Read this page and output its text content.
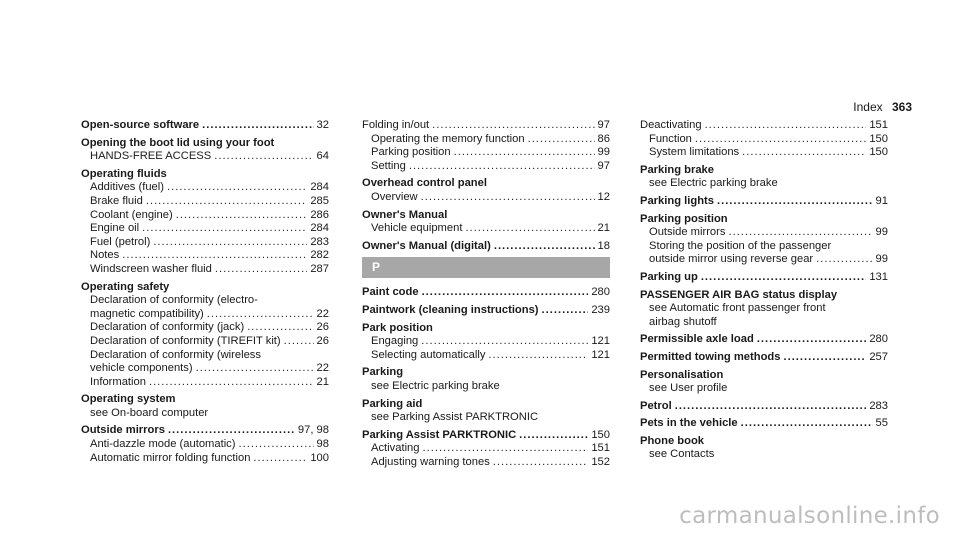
Index 363
Open-source software .....	32
Opening the boot lid using your foot
HANDS-FREE ACCESS .....	64
Operating fluids
Additives (fuel) .....	284
Brake fluid .....	285
Coolant (engine) .....	286
Engine oil .....	284
Fuel (petrol) .....	283
Notes .....	282
Windscreen washer fluid .....	287
Operating safety
Declaration of conformity (electro-
magnetic compatibility) .....	22
Declaration of conformity (jack) .....	26
Declaration of conformity (TIREFIT kit) .....	26
Declaration of conformity (wireless
vehicle components) .....	22
Information .....	21
Operating system
see On-board computer
Outside mirrors .....	97, 98
Anti-dazzle mode (automatic) .....	98
Automatic mirror folding function .....	100
Folding in/out .....	97
Operating the memory function .....	86
Parking position .....	99
Setting .....	97
Overhead control panel
Overview .....	12
Owner's Manual
Vehicle equipment .....	21
Owner's Manual (digital) .....	18
P
Paint code .....	280
Paintwork (cleaning instructions) .....	239
Park position
Engaging .....	121
Selecting automatically .....	121
Parking
see Electric parking brake
Parking aid
see Parking Assist PARKTRONIC
Parking Assist PARKTRONIC .....	150
Activating .....	151
Adjusting warning tones .....	152
Deactivating .....	151
Function .....	150
System limitations .....	150
Parking brake
see Electric parking brake
Parking lights .....	91
Parking position
Outside mirrors .....	99
Storing the position of the passenger
outside mirror using reverse gear .....	99
Parking up .....	131
PASSENGER AIR BAG status display
see Automatic front passenger front
airbag shutoff
Permissible axle load .....	280
Permitted towing methods .....	257
Personalisation
see User profile
Petrol .....	283
Pets in the vehicle .....	55
Phone book
see Contacts
carmanualsonline.info
